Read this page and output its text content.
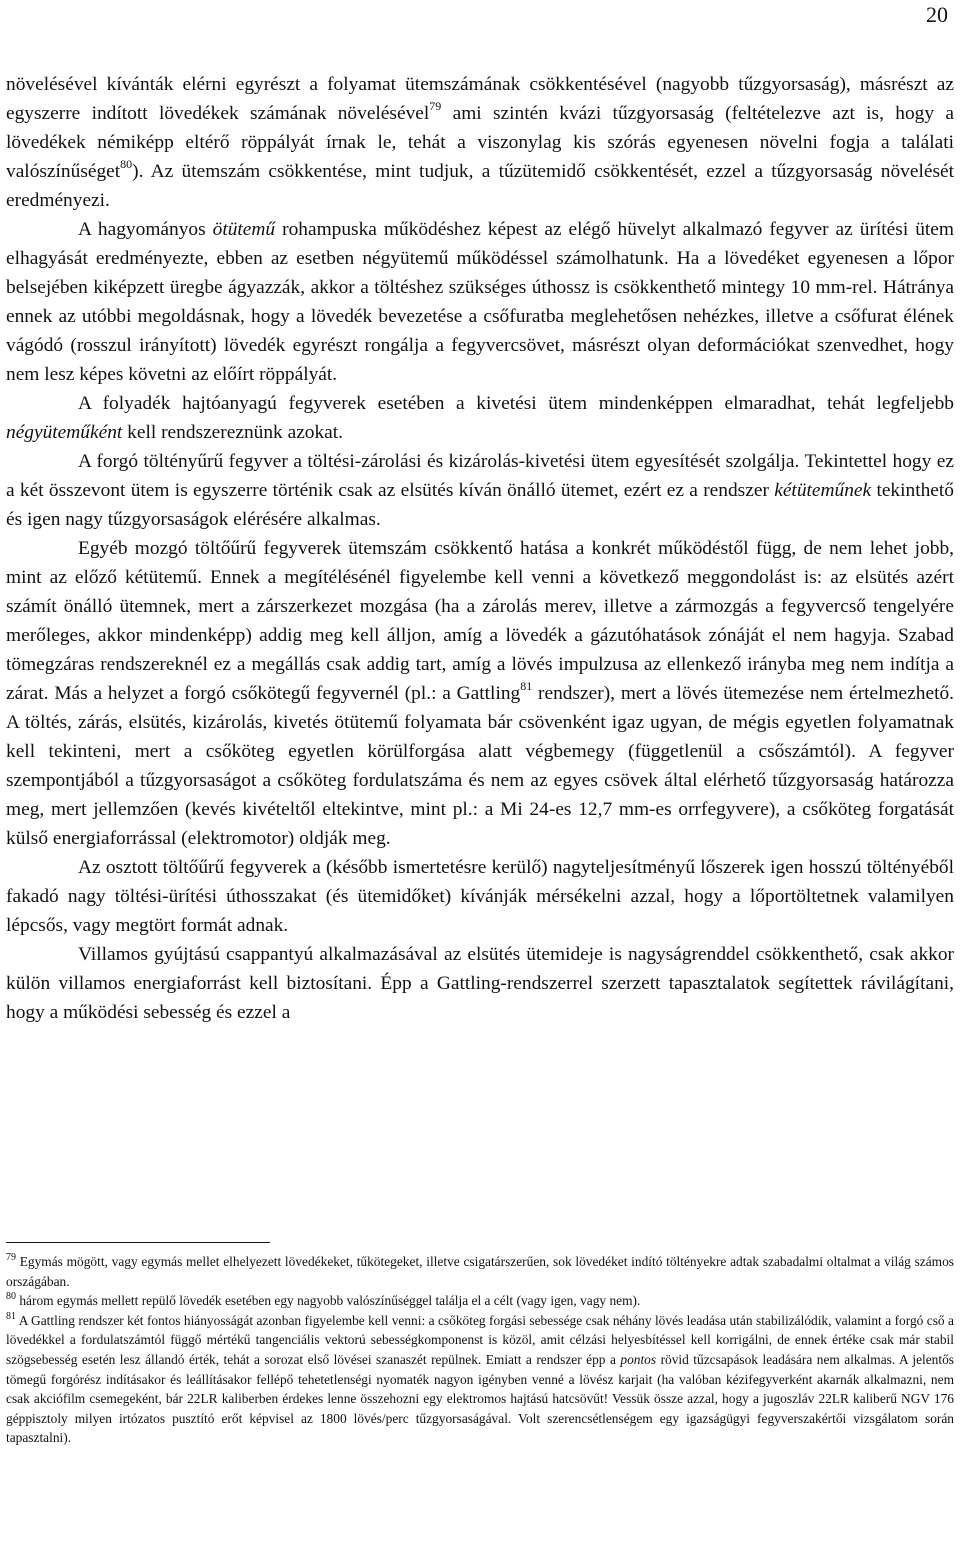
20

növelésével kívánták elérni egyrészt a folyamat ütemszámának csökkentésével (nagyobb tűzgyorsaság), másrészt az egyszerre indított lövedékek számának növelésével$^{79}$ ami szintén kvázi tűzgyorsaság (feltételezve azt is, hogy a lövedékek némiképp eltérő röppályát írnak le, tehát a viszonylag kis szórás egyenesen növelni fogja a találati valószínűséget$^{80}$). Az ütemszám csökkentése, mint tudjuk, a tűzütemidő csökkentését, ezzel a tűzgyorsaság növelését eredményezi.

A hagyományos ötütemű rohampuska működéshez képest az elégő hüvelyt alkalmazó fegyver az ürítési ütem elhagyását eredményezte, ebben az esetben négyütemű működéssel számolhatunk. Ha a lövedéket egyenesen a lőpor belsejében kiképzett üregbe ágyazzák, akkor a töltéshez szükséges úthossz is csökkenthető mintegy 10 mm-rel. Hátránya ennek az utóbbi megoldásnak, hogy a lövedék bevezetése a csőfuratba meglehetősen nehézkes, illetve a csőfurat élének vágódó (rosszul irányított) lövedék egyrészt rongálja a fegyvercsövet, másrészt olyan deformációkat szenvedhet, hogy nem lesz képes követni az előírt röppályát.

A folyadék hajtóanyagú fegyverek esetében a kivetési ütem mindenképpen elmaradhat, tehát legfeljebb négyüteműként kell rendszereznünk azokat.

A forgó töltényűrű fegyver a töltési-zárolási és kizárolás-kivetési ütem egyesítését szolgálja. Tekintettel hogy ez a két összevont ütem is egyszerre történik csak az elsütés kíván önálló ütemet, ezért ez a rendszer kétüteműnek tekinthető és igen nagy tűzgyorsaságok elérésére alkalmas.

Egyéb mozgó töltőűrű fegyverek ütemszám csökkentő hatása a konkrét működéstől függ, de nem lehet jobb, mint az előző kétütemű. Ennek a megítélésénél figyelembe kell venni a következő meggondolást is: az elsütés azért számít önálló ütemnek, mert a zárszerkezet mozgása (ha a zárolás merev, illetve a zármozgás a fegyvercső tengelyére merőleges, akkor mindenképp) addig meg kell álljon, amíg a lövedék a gázutóhatások zónáját el nem hagyja. Szabad tömegzáras rendszereknél ez a megállás csak addig tart, amíg a lövés impulzusa az ellenkező irányba meg nem indítja a zárat. Más a helyzet a forgó csőkötegű fegyvernél (pl.: a Gattling$^{81}$ rendszer), mert a lövés ütemezése nem értelmezhető. A töltés, zárás, elsütés, kizárolás, kivetés ötütemű folyamata bár csövenként igaz ugyan, de mégis egyetlen folyamatnak kell tekinteni, mert a csőköteg egyetlen körülforgása alatt végbemegy (függetlenül a csőszámtól). A fegyver szempontjából a tűzgyorsaságot a csőköteg fordulatszáma és nem az egyes csövek által elérhető tűzgyorsaság határozza meg, mert jellemzően (kevés kivételtől eltekintve, mint pl.: a Mi 24-es 12,7 mm-es orrfegyvere), a csőköteg forgatását külső energiaforrással (elektromotor) oldják meg.

Az osztott töltőűrű fegyverek a (később ismertetésre kerülő) nagyteljesítményű lőszerek igen hosszú töltényéből fakadó nagy töltési-ürítési úthosszakat (és ütemidőket) kívánják mérsékelni azzal, hogy a lőportöltetnek valamilyen lépcsős, vagy megtört formát adnak.

Villamos gyújtású csappantyú alkalmazásával az elsütés ütemideje is nagyságrenddel csökkenthető, csak akkor külön villamos energiaforrást kell biztosítani. Épp a Gattling-rendszerrel szerzett tapasztalatok segítettek rávilágítani, hogy a működési sebesség és ezzel a

$^{79}$ Egymás mögött, vagy egymás mellet elhelyezett lövedékeket, tűkötegeket, illetve csigatárszerűen, sok lövedéket indító töltényekre adtak szabadalmi oltalmat a világ számos országában.

$^{80}$ három egymás mellett repülő lövedék esetében egy nagyobb valószínűséggel találja el a célt (vagy igen, vagy nem).

$^{81}$ A Gattling rendszer két fontos hiányosságát azonban figyelembe kell venni: a csőköteg forgási sebessége csak néhány lövés leadása után stabilizálódik, valamint a forgó cső a lövedékkel a fordulatszámtól függő mértékű tangenciális vektorú sebességkomponenst is közöl, amit célzási helyesbítéssel kell korrigálni, de ennek értéke csak már stabil szögsebesség esetén lesz állandó érték, tehát a sorozat első lövései szanaszét repülnek. Emiatt a rendszer épp a pontos rövid tűzcsapások leadására nem alkalmas. A jelentős tömegű forgórész indításakor és leállításakor fellépő tehetetlenségi nyomaték nagyon igényben venné a lövész karjait (ha valóban kézifegyverként akarnák alkalmazni, nem csak akciófilm csemegeként, bár 22LR kaliberben érdekes lenne összehozni egy elektromos hajtású hatcsövűt! Vessük össze azzal, hogy a jugoszláv 22LR kaliberű NGV 176 géppisztoly milyen irtózatos pusztító erőt képvisel az 1800 lövés/perc tűzgyorsaságával. Volt szerencsétlenségem egy igazságügyi fegyverszakértői vizsgálatom során tapasztalni).
